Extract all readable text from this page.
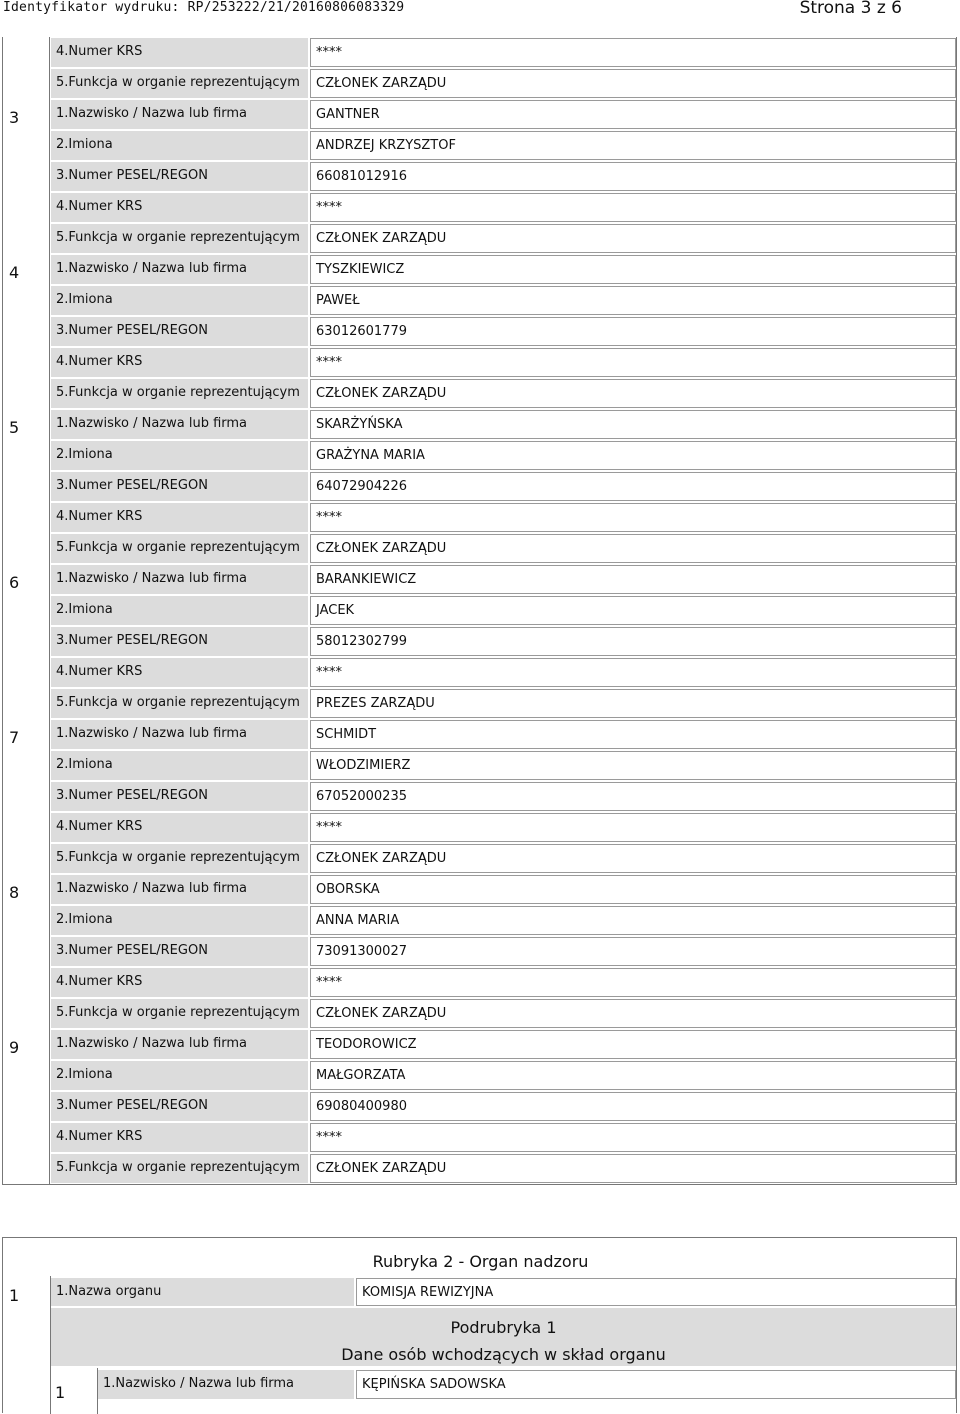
Identyfikator wydruku: RP/253222/21/20160806083329	Strona 3 z 6
4.Numer KRS	****
5.Funkcja w organie reprezentującym	CZŁONEK ZARZĄDU
3	1.Nazwisko / Nazwa lub firma	GANTNER
2.Imiona	ANDRZEJ KRZYSZTOF
3.Numer PESEL/REGON	66081012916
4.Numer KRS	****
5.Funkcja w organie reprezentującym	CZŁONEK ZARZĄDU
4	1.Nazwisko / Nazwa lub firma	TYSZKIEWICZ
2.Imiona	PAWEŁ
3.Numer PESEL/REGON	63012601779
4.Numer KRS	****
5.Funkcja w organie reprezentującym	CZŁONEK ZARZĄDU
5	1.Nazwisko / Nazwa lub firma	SKARŻYŃSKA
2.Imiona	GRAŻYNA MARIA
3.Numer PESEL/REGON	64072904226
4.Numer KRS	****
5.Funkcja w organie reprezentującym	CZŁONEK ZARZĄDU
6	1.Nazwisko / Nazwa lub firma	BARANKIEWICZ
2.Imiona	JACEK
3.Numer PESEL/REGON	58012302799
4.Numer KRS	****
5.Funkcja w organie reprezentującym	PREZES ZARZĄDU
7	1.Nazwisko / Nazwa lub firma	SCHMIDT
2.Imiona	WŁODZIMIERZ
3.Numer PESEL/REGON	67052000235
4.Numer KRS	****
5.Funkcja w organie reprezentującym	CZŁONEK ZARZĄDU
8	1.Nazwisko / Nazwa lub firma	OBORSKA
2.Imiona	ANNA MARIA
3.Numer PESEL/REGON	73091300027
4.Numer KRS	****
5.Funkcja w organie reprezentującym	CZŁONEK ZARZĄDU
9	1.Nazwisko / Nazwa lub firma	TEODOROWICZ
2.Imiona	MAŁGORZATA
3.Numer PESEL/REGON	69080400980
4.Numer KRS	****
5.Funkcja w organie reprezentującym	CZŁONEK ZARZĄDU
Rubryka 2 - Organ nadzoru
1	1.Nazwa organu	KOMISJA REWIZYJNA
Podrubryka 1
Dane osób wchodzących w skład organu
1	1.Nazwisko / Nazwa lub firma	KĘPIŃSKA SADOWSKA
